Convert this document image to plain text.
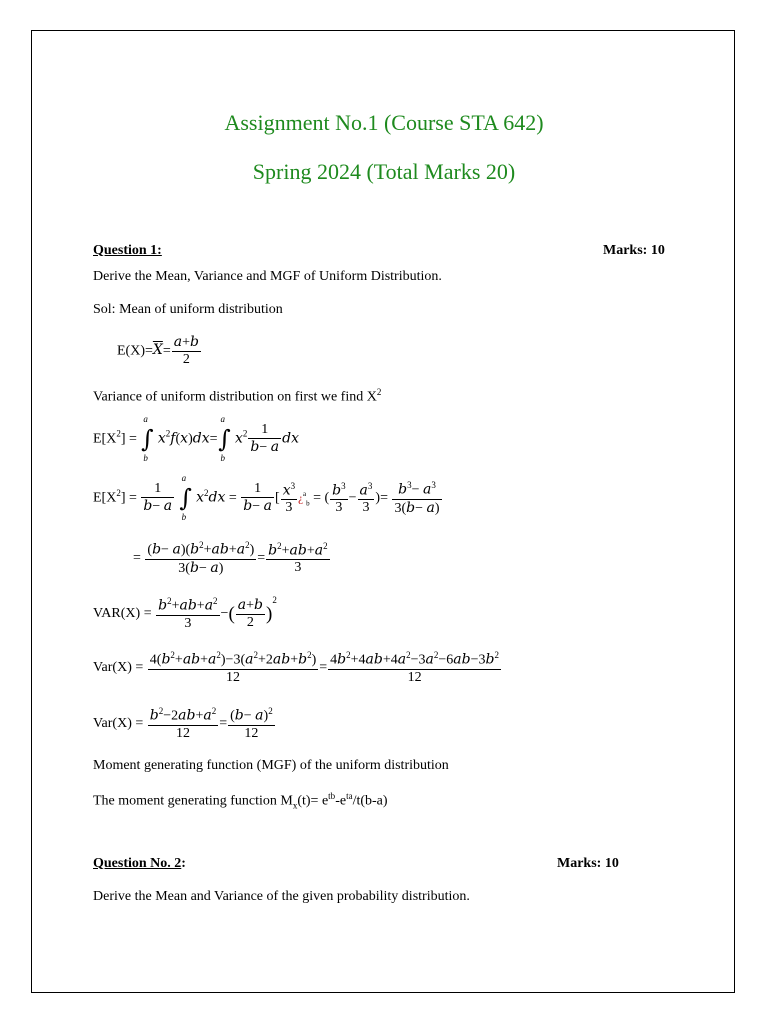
Assignment No.1 (Course STA 642)
Spring 2024 (Total Marks 20)
Question 1:	Marks: 10
Derive the Mean, Variance and MGF of Uniform Distribution.
Sol: Mean of uniform distribution
$E(X)=\overline{X}= \frac{a+b}{2}$
Variance of uniform distribution on first we find $X^2$
$E[X^2]$ =
a
∫
b
$x^2f(x)dx=$
a
∫
b
$x^2 \frac{1}{b- a}$ dx
$E[X^2] = \frac{1}{b- a}$

a
∫
b
$x^2dx = \frac{1}{b- a}$ [ $\frac{x^3}{3}$ ¿$^a_b$ = ( $\frac{b^3}{3} - \frac{a^3}{3}$ )= $\frac{b^3- a^3}{3(b- a)}$
= $\frac{(b- a)(b^2+ab+a^2)}{3(b- a)} = \frac{b^2+ab+a^2}{3}$
$VAR(X) = \frac{b^2+ab+a^2}{3}$ −( $\frac{a+b}{2} )^2$
$Var(X) = \frac{4(b^2+ab+a^2)-3(a^2+2ab+b^2)}{12} = \frac{4b^2+4ab+4a^2-3a^2-6ab-3b^2}{12}$
$Var(X) = \frac{b^2-2ab+a^2}{12} = \frac{(b- a)^2}{12}$
Moment generating function (MGF) of the uniform distribution
The moment generating function $M_x(t)= e^{tb}-e^{ta}/t(b-a)$
Question No. 2:	Marks: 10
Derive the Mean and Variance of the given probability distribution.
